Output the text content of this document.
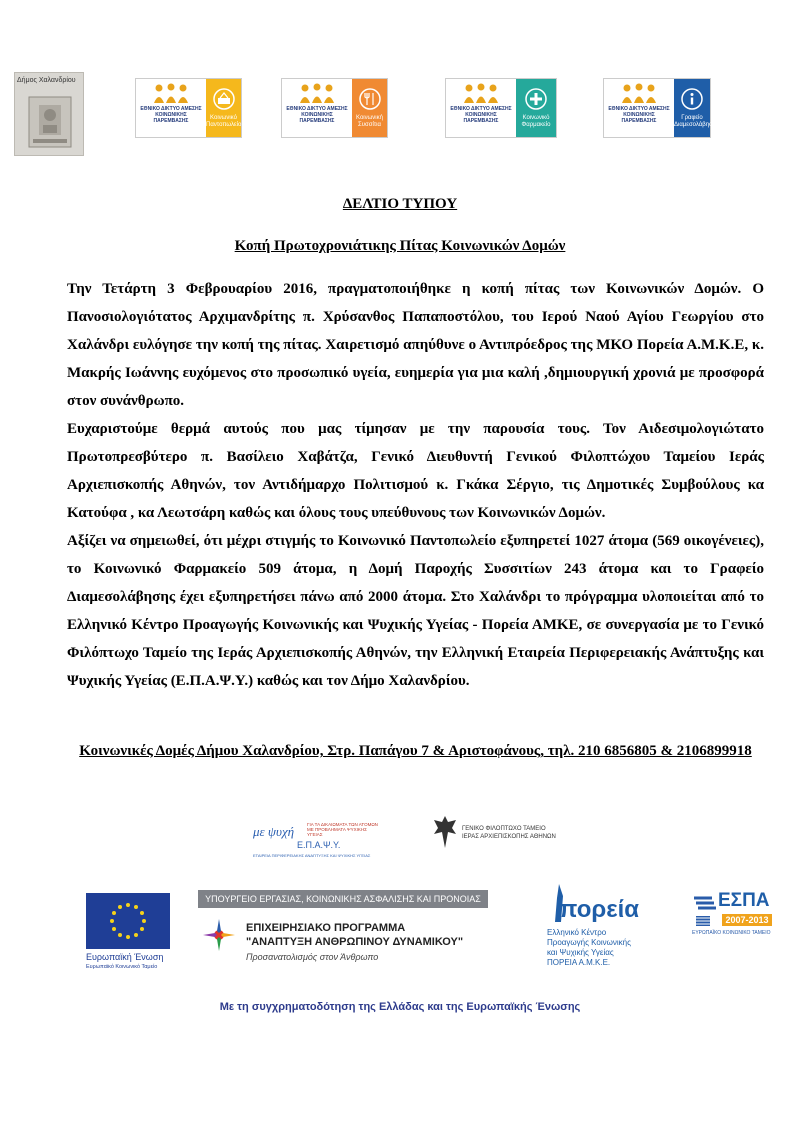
Δήμος Χαλανδρίου
ΕΘΝΙΚΟ ΔΙΚΤΥΟ ΑΜΕΣΗΣ ΚΟΙΝΩΝΙΚΗΣ ΠΑΡΕΜΒΑΣΗΣ	Κοινωνικό Παντοπωλείο
ΕΘΝΙΚΟ ΔΙΚΤΥΟ ΑΜΕΣΗΣ ΚΟΙΝΩΝΙΚΗΣ ΠΑΡΕΜΒΑΣΗΣ	Κοινωνική Συσσίτια
ΕΘΝΙΚΟ ΔΙΚΤΥΟ ΑΜΕΣΗΣ ΚΟΙΝΩΝΙΚΗΣ ΠΑΡΕΜΒΑΣΗΣ	Κοινωνικό Φαρμακείο
ΕΘΝΙΚΟ ΔΙΚΤΥΟ ΑΜΕΣΗΣ ΚΟΙΝΩΝΙΚΗΣ ΠΑΡΕΜΒΑΣΗΣ	Γραφείο Διαμεσολάβησης
ΔΕΛΤΙΟ ΤΥΠΟΥ
Κοπή Πρωτοχρονιάτικης Πίτας Κοινωνικών Δομών

Την Τετάρτη 3 Φεβρουαρίου 2016, πραγματοποιήθηκε η κοπή πίτας των Κοινωνικών Δομών. Ο Πανοσιολογιότατος Αρχιμανδρίτης π. Χρύσανθος Παπαποστόλου, του Ιερού Ναού Αγίου Γεωργίου στο Χαλάνδρι ευλόγησε την κοπή της πίτας. Χαιρετισμό απηύθυνε ο Αντιπρόεδρος της ΜΚΟ Πορεία Α.Μ.Κ.Ε, κ. Μακρής Ιωάννης ευχόμενος στο προσωπικό υγεία, ευημερία για μια καλή ,δημιουργική χρονιά με προσφορά στον συνάνθρωπο.

Ευχαριστούμε θερμά αυτούς που μας τίμησαν με την παρουσία τους. Τον Αιδεσιμολογιώτατο Πρωτοπρεσβύτερο π. Βασίλειο Χαβάτζα, Γενικό Διευθυντή Γενικού Φιλοπτώχου Ταμείου Ιεράς Αρχιεπισκοπής Αθηνών, τον Αντιδήμαρχο Πολιτισμού κ. Γκάκα Σέργιο, τις Δημοτικές Συμβούλους κα Κατούφα , κα Λεωτσάρη καθώς και όλους τους υπεύθυνους των Κοινωνικών Δομών.

Αξίζει να σημειωθεί, ότι μέχρι στιγμής το Κοινωνικό Παντοπωλείο εξυπηρετεί 1027 άτομα (569 οικογένειες), το Κοινωνικό Φαρμακείο 509 άτομα, η Δομή Παροχής Συσσιτίων 243 άτομα και το Γραφείο Διαμεσολάβησης έχει εξυπηρετήσει πάνω από 2000 άτομα. Στο Χαλάνδρι το πρόγραμμα υλοποιείται από το Ελληνικό Κέντρο Προαγωγής Κοινωνικής και Ψυχικής Υγείας - Πορεία ΑΜΚΕ, σε συνεργασία με το Γενικό Φιλόπτωχο Ταμείο της Ιεράς Αρχιεπισκοπής Αθηνών, την Ελληνική Εταιρεία Περιφερειακής Ανάπτυξης και Ψυχικής Υγείας (Ε.Π.Α.Ψ.Υ.) καθώς και τον Δήμο Χαλανδρίου.

Κοινωνικές Δομές Δήμου Χαλανδρίου, Στρ. Παπάγου 7 & Αριστοφάνους, τηλ. 210 6856805 & 2106899918
με ψυχή	ΓΙΑ ΤΑ ΔΙΚΑΙΩΜΑΤΑ ΤΩΝ ΑΤΟΜΩΝ ΜΕ ΠΡΟΒΛΗΜΑΤΑ ΨΥΧΙΚΗΣ ΥΓΕΙΑΣ
Ε.Π.Α.Ψ.Υ.
ΕΤΑΙΡΕΙΑ ΠΕΡΙΦΕΡΕΙΑΚΗΣ ΑΝΑΠΤΥΞΗΣ ΚΑΙ ΨΥΧΙΚΗΣ ΥΓΕΙΑΣ
ΓΕΝΙΚΟ ΦΙΛΟΠΤΩΧΟ ΤΑΜΕΙΟ
ΙΕΡΑΣ ΑΡΧΙΕΠΙΣΚΟΠΗΣ ΑΘΗΝΩΝ
Ευρωπαϊκή Ένωση
Ευρωπαϊκό Κοινωνικό Ταμείο
ΥΠΟΥΡΓΕΙΟ ΕΡΓΑΣΙΑΣ, ΚΟΙΝΩΝΙΚΗΣ ΑΣΦΑΛΙΣΗΣ ΚΑΙ ΠΡΟΝΟΙΑΣ
ΕΠΙΧΕΙΡΗΣΙΑΚΟ ΠΡΟΓΡΑΜΜΑ
"ΑΝΑΠΤΥΞΗ ΑΝΘΡΩΠΙΝΟΥ ΔΥΝΑΜΙΚΟΥ"
Προσανατολισμός στον Άνθρωπο
πορεία
Ελληνικό Κέντρο
Προαγωγής Κοινωνικής
και Ψυχικής Υγείας
ΠΟΡΕΙΑ Α.Μ.Κ.Ε.
ΕΣΠΑ
2007-2013
ΕΥΡΩΠΑΪΚΟ ΚΟΙΝΩΝΙΚΟ ΤΑΜΕΙΟ
Με τη συγχρηματοδότηση της Ελλάδας και της Ευρωπαϊκής Ένωσης
